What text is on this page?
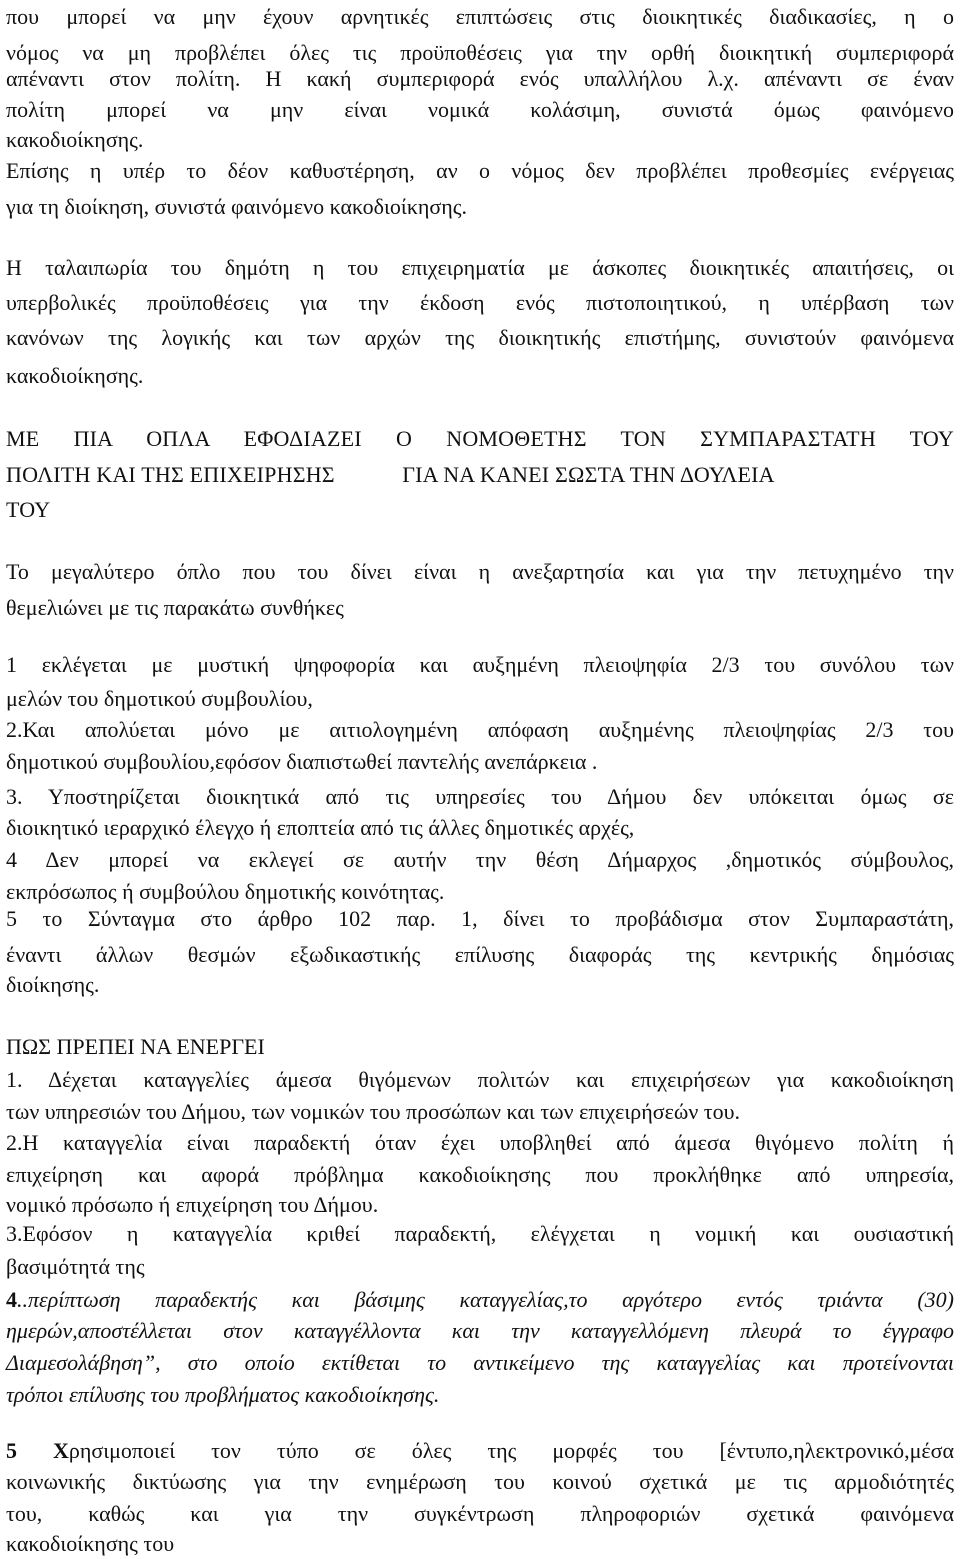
που μπορεί να μην έχουν αρνητικές επιπτώσεις στις διοικητικές διαδικασίες, η ο
νόμος να μη προβλέπει όλες τις προϋποθέσεις για την ορθή διοικητική συμπεριφορά
απέναντι στον πολίτη. Η κακή συμπεριφορά ενός υπαλλήλου λ.χ. απέναντι σε έναν
πολίτη μπορεί να μην είναι νομικά κολάσιμη, συνιστά όμως φαινόμενο
κακοδιοίκησης.
Επίσης η υπέρ το δέον καθυστέρηση, αν ο νόμος δεν προβλέπει προθεσμίες ενέργειας
για τη διοίκηση, συνιστά φαινόμενο κακοδιοίκησης.
Η ταλαιπωρία του δημότη η του επιχειρηματία με άσκοπες διοικητικές απαιτήσεις, οι
υπερβολικές προϋποθέσεις για την έκδοση ενός πιστοποιητικού, η υπέρβαση των
κανόνων της λογικής και των αρχών της διοικητικής επιστήμης, συνιστούν φαινόμενα
κακοδιοίκησης.
ΜΕ ΠΙΑ ΟΠΛΑ ΕΦΟΔΙΑΖΕΙ Ο ΝΟΜΟΘΕΤΗΣ ΤΟΝ ΣΥΜΠΑΡΑΣΤΑΤΗ ΤΟΥ
ΠΟΛΙΤΗ ΚΑΙ ΤΗΣ ΕΠΙΧΕΙΡΗΣΗΣ	ΓΙΑ ΝΑ ΚΑΝΕΙ ΣΩΣΤΑ ΤΗΝ ΔΟΥΛΕΙΑ
ΤΟΥ
Το μεγαλύτερο όπλο που του δίνει είναι η ανεξαρτησία και για την πετυχημένο την
θεμελιώνει με τις παρακάτω συνθήκες
1 εκλέγεται με μυστική ψηφοφορία και αυξημένη πλειοψηφία 2/3 του συνόλου των
μελών του δημοτικού συμβουλίου,
2.Και απολύεται μόνο με αιτιολογημένη απόφαση αυξημένης πλειοψηφίας 2/3 του
δημοτικού συμβουλίου,εφόσον διαπιστωθεί παντελής ανεπάρκεια .
3. Υποστηρίζεται διοικητικά από τις υπηρεσίες του Δήμου δεν υπόκειται όμως σε
διοικητικό ιεραρχικό έλεγχο ή εποπτεία από τις άλλες δημοτικές αρχές,
4 Δεν μπορεί να εκλεγεί σε αυτήν την θέση Δήμαρχος ,δημοτικός σύμβουλος,
εκπρόσωπος ή συμβούλου δημοτικής κοινότητας.
5 το Σύνταγμα στο άρθρο 102 παρ. 1, δίνει το προβάδισμα στον Συμπαραστάτη,
έναντι άλλων θεσμών εξωδικαστικής επίλυσης διαφοράς της κεντρικής δημόσιας
διοίκησης.
ΠΩΣ ΠΡΕΠΕΙ ΝΑ ΕΝΕΡΓΕΙ
1. Δέχεται καταγγελίες άμεσα θιγόμενων πολιτών και επιχειρήσεων για κακοδιοίκηση
των υπηρεσιών του Δήμου, των νομικών του προσώπων και των επιχειρήσεών του.
2.Η καταγγελία είναι παραδεκτή όταν έχει υποβληθεί από άμεσα θιγόμενο πολίτη ή
επιχείρηση και αφορά πρόβλημα κακοδιοίκησης που προκλήθηκε από υπηρεσία,
νομικό πρόσωπο ή επιχείρηση του Δήμου.
3.Εφόσον η καταγγελία κριθεί παραδεκτή, ελέγχεται η νομική και ουσιαστική
βασιμότητά της
4..περίπτωση παραδεκτής και βάσιμης καταγγελίας,το αργότερο εντός τριάντα (30)
ημερών,αποστέλλεται στον καταγγέλλοντα και την καταγγελλόμενη πλευρά το έγγραφο
Διαμεσολάβηση”, στο οποίο εκτίθεται το αντικείμενο της καταγγελίας και προτείνονται
τρόποι επίλυσης του προβλήματος κακοδιοίκησης.
5 Χρησιμοποιεί τον τύπο σε όλες της μορφές του [έντυπο,ηλεκτρονικό,μέσα
κοινωνικής δικτύωσης για την ενημέρωση του κοινού σχετικά με τις αρμοδιότητές
του, καθώς και για την συγκέντρωση πληροφοριών σχετικά φαινόμενα
κακοδιοίκησης του
